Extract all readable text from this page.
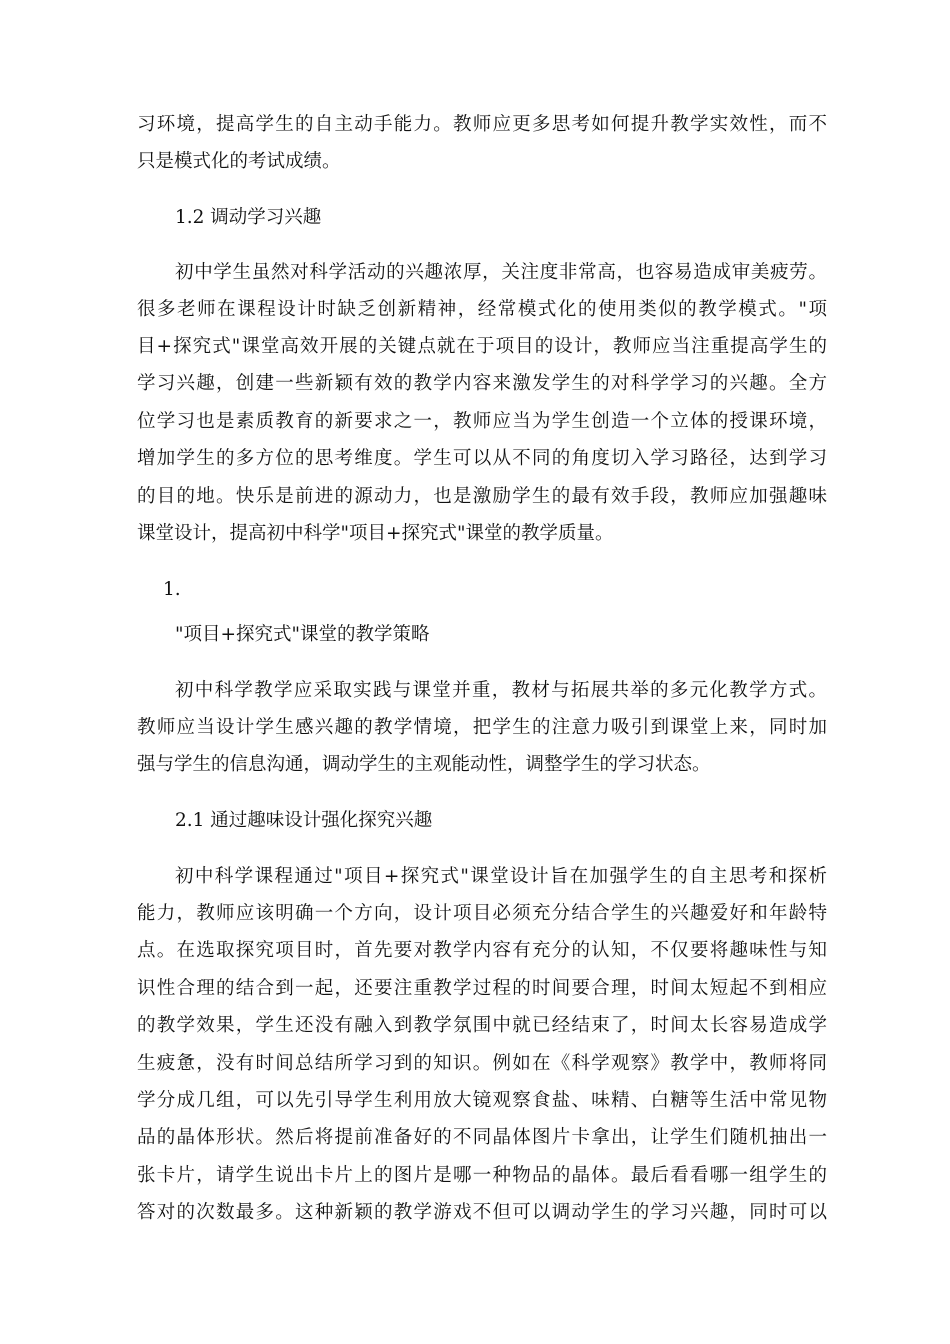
习环境，提高学生的自主动手能力。教师应更多思考如何提升教学实效性，而不
只是模式化的考试成绩。
1.2 调动学习兴趣
初中学生虽然对科学活动的兴趣浓厚，关注度非常高，也容易造成审美疲劳。
很多老师在课程设计时缺乏创新精神，经常模式化的使用类似的教学模式。"项
目+探究式"课堂高效开展的关键点就在于项目的设计，教师应当注重提高学生的
学习兴趣，创建一些新颖有效的教学内容来激发学生的对科学学习的兴趣。全方
位学习也是素质教育的新要求之一，教师应当为学生创造一个立体的授课环境，
增加学生的多方位的思考维度。学生可以从不同的角度切入学习路径，达到学习
的目的地。快乐是前进的源动力，也是激励学生的最有效手段，教师应加强趣味
课堂设计，提高初中科学"项目+探究式"课堂的教学质量。
1.
"项目+探究式"课堂的教学策略
初中科学教学应采取实践与课堂并重，教材与拓展共举的多元化教学方式。
教师应当设计学生感兴趣的教学情境，把学生的注意力吸引到课堂上来，同时加
强与学生的信息沟通，调动学生的主观能动性，调整学生的学习状态。
2.1 通过趣味设计强化探究兴趣
初中科学课程通过"项目+探究式"课堂设计旨在加强学生的自主思考和探析
能力，教师应该明确一个方向，设计项目必须充分结合学生的兴趣爱好和年龄特
点。在选取探究项目时，首先要对教学内容有充分的认知，不仅要将趣味性与知
识性合理的结合到一起，还要注重教学过程的时间要合理，时间太短起不到相应
的教学效果，学生还没有融入到教学氛围中就已经结束了，时间太长容易造成学
生疲惫，没有时间总结所学习到的知识。例如在《科学观察》教学中，教师将同
学分成几组，可以先引导学生利用放大镜观察食盐、味精、白糖等生活中常见物
品的晶体形状。然后将提前准备好的不同晶体图片卡拿出，让学生们随机抽出一
张卡片，请学生说出卡片上的图片是哪一种物品的晶体。最后看看哪一组学生的
答对的次数最多。这种新颖的教学游戏不但可以调动学生的学习兴趣，同时可以
